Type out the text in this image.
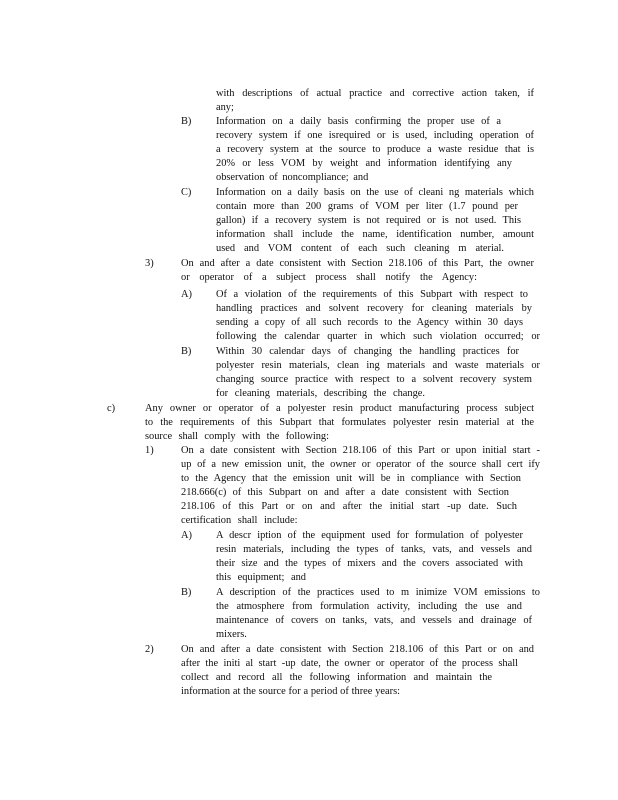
with descriptions of actual practice and corrective action taken, if
any;
B) Information on a daily basis confirming the proper use of a
recovery system if one isrequired or is used, including operation of
a recovery system at the source to produce a waste residue that is
20% or less VOM by weight and information identifying any
observation of noncompliance; and
C) Information on a daily basis on the use of cleani ng materials which
contain more than 200 grams of VOM per liter (1.7 pound per
gallon) if a recovery system is not required or is not used. This
information shall include the name, identification number, amount
used and VOM content of each such cleaning m aterial.
3)	On and after a date consistent with Section 218.106 of this Part, the owner
or operator of a subject process shall notify the Agency:
A) Of a violation of the requirements of this Subpart with respect to
handling practices and solvent recovery for cleaning materials by
sending a copy of all such records to the Agency within 30 days
following the calendar quarter in which such violation occurred; or
B) Within 30 calendar days of changing the handling practices for
polyester resin materials, clean ing materials and waste materials or
changing source practice with respect to a solvent recovery system
for cleaning materials, describing the change.
c)	Any owner or operator of a polyester resin product manufacturing process subject
to the requirements of this Subpart that formulates polyester resin material at the
source shall comply with the following:
1)	On a date consistent with Section 218.106 of this Part or upon initial start -
up of a new emission unit, the owner or operator of the source shall cert ify
to the Agency that the emission unit will be in compliance with Section
218.666(c) of this Subpart on and after a date consistent with Section
218.106 of this Part or on and after the initial start -up date. Such
certification shall include:
A) A descr iption of the equipment used for formulation of polyester
resin materials, including the types of tanks, vats, and vessels and
their size and the types of mixers and the covers associated with
this equipment; and
B) A description of the practices used to m inimize VOM emissions to
the atmosphere from formulation activity, including the use and
maintenance of covers on tanks, vats, and vessels and drainage of
mixers.
2)	On and after a date consistent with Section 218.106 of this Part or on and
after the initi al start -up date, the owner or operator of the process shall
collect and record all the following information and maintain the
information at the source for a period of three years:
